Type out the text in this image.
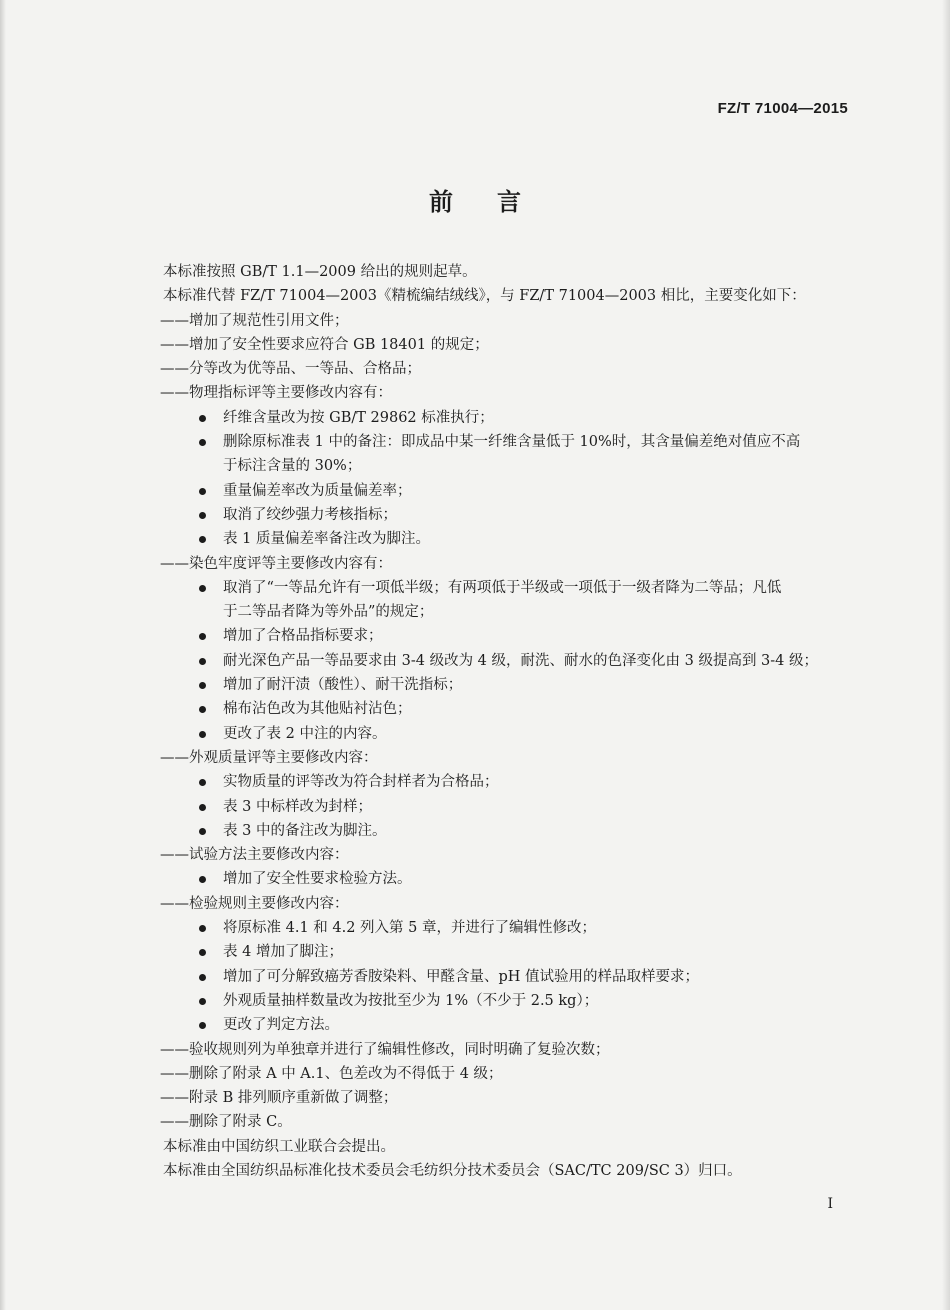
FZ/T 71004—2015
前 言
本标准按照 GB/T 1.1—2009 给出的规则起草。
本标准代替 FZ/T 71004—2003《精梳编结绒线》，与 FZ/T 71004—2003 相比，主要变化如下：
——增加了规范性引用文件；
——增加了安全性要求应符合 GB 18401 的规定；
——分等改为优等品、一等品、合格品；
——物理指标评等主要修改内容有：
纤维含量改为按 GB/T 29862 标准执行；
删除原标准表 1 中的备注：即成品中某一纤维含量低于 10%时，其含量偏差绝对值应不高
于标注含量的 30%；
重量偏差率改为质量偏差率；
取消了绞纱强力考核指标；
表 1 质量偏差率备注改为脚注。
——染色牢度评等主要修改内容有：
取消了“一等品允许有一项低半级；有两项低于半级或一项低于一级者降为二等品；凡低
于二等品者降为等外品”的规定；
增加了合格品指标要求；
耐光深色产品一等品要求由 3-4 级改为 4 级，耐洗、耐水的色泽变化由 3 级提高到 3-4 级；
增加了耐汗渍（酸性）、耐干洗指标；
棉布沾色改为其他贴衬沾色；
更改了表 2 中注的内容。
——外观质量评等主要修改内容：
实物质量的评等改为符合封样者为合格品；
表 3 中标样改为封样；
表 3 中的备注改为脚注。
——试验方法主要修改内容：
增加了安全性要求检验方法。
——检验规则主要修改内容：
将原标准 4.1 和 4.2 列入第 5 章，并进行了编辑性修改；
表 4 增加了脚注；
增加了可分解致癌芳香胺染料、甲醛含量、pH 值试验用的样品取样要求；
外观质量抽样数量改为按批至少为 1%（不少于 2.5 kg）；
更改了判定方法。
——验收规则列为单独章并进行了编辑性修改，同时明确了复验次数；
——删除了附录 A 中 A.1、色差改为不得低于 4 级；
——附录 B 排列顺序重新做了调整；
——删除了附录 C。
本标准由中国纺织工业联合会提出。
本标准由全国纺织品标准化技术委员会毛纺织分技术委员会（SAC/TC 209/SC 3）归口。
I
